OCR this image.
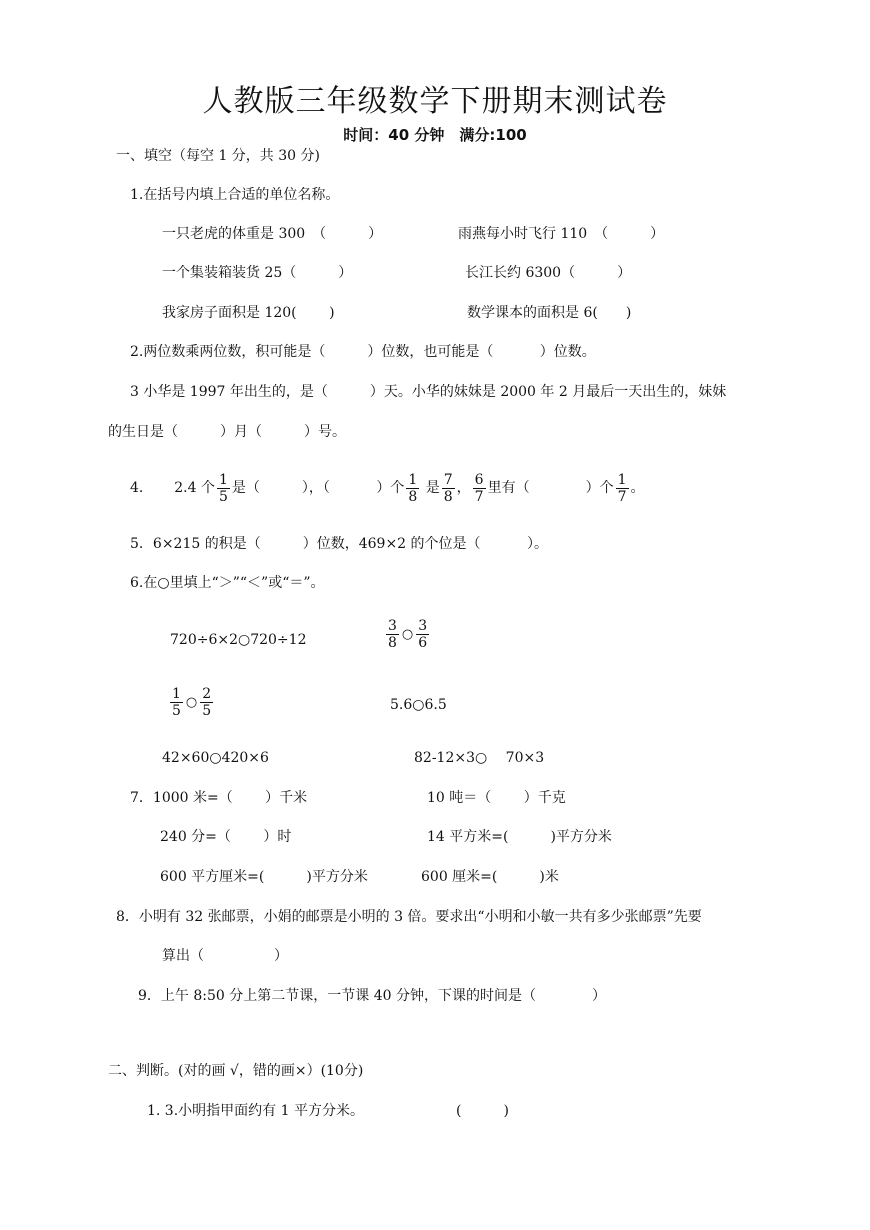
人教版三年级数学下册期末测试卷
时间：40 分钟　满分:100
一、填空（每空 1 分，共 30 分)
1.在括号内填上合适的单位名称。
一只老虎的体重是 300　（　　　）	雨燕每小时飞行 110　（　　　）
一个集装箱装货 25（　　　）	长江长约 6300（　　　）
我家房子面积是 120(　　 )	数学课本的面积是 6(　　)
2.两位数乘两位数，积可能是（　　　）位数，也可能是（　　　 ）位数。
3 小华是 1997 年出生的，是（　　　）天。小华的妹妹是 2000 年 2 月最后一天出生的，妹妹
的生日是（　　　）月（　　　）号。
4. 2.4 个 $\frac{1}{5}$ 是（　　　），（　　　 ）个 $\frac{1}{8}$ 是 $\frac{7}{8}$ ， $\frac{6}{7}$ 里有（　　　　）个 $\frac{1}{7}$ 。
5．6×215 的积是（　　　）位数，469×2 的个位是（　　　 ）。
6.在○里填上“＞”“＜”或“＝”。
720÷6×2○720÷12	$\frac{3}{8}$ ○ $\frac{3}{6}$
$\frac{1}{5}$ ○ $\frac{2}{5}$	5.6○6.5
42×60○420×6	82-12×3○　 70×3
7．1000 米=（　　 ）千米	10 吨＝（　　 ）千克
240 分=（　　 ）时	14 平方米=(　　　)平方分米
600 平方厘米=(　　　)平方分米	600 厘米=(　　　)米
8．小明有 32 张邮票，小娟的邮票是小明的 3 倍。要求出“小明和小敏一共有多少张邮票”先要
算出（　　　　　）
9．上午 8:50 分上第二节课，一节课 40 分钟，下课的时间是（　　　　）
二、判断。(对的画 √，错的画×）(10分)
1. 3.小明指甲面约有 1 平方分米。	(　　　)
